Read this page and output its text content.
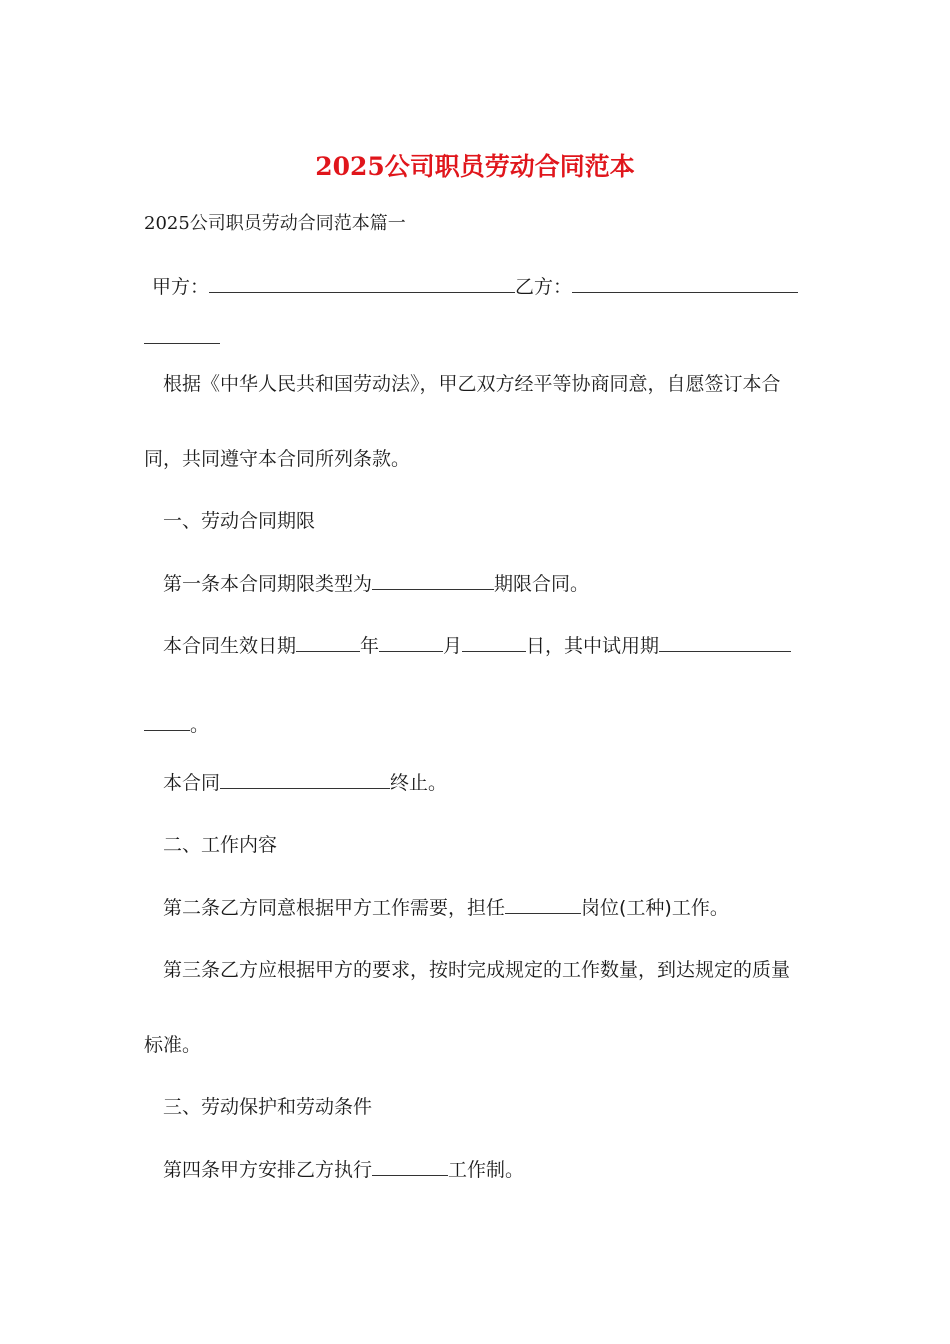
2025公司职员劳动合同范本
2025公司职员劳动合同范本篇一
甲方：	乙方：
根据《中华人民共和国劳动法》，甲乙双方经平等协商同意，自愿签订本合
同，共同遵守本合同所列条款。
一、劳动合同期限
第一条本合同期限类型为	期限合同。
本合同生效日期	年	月	日，其中试用期
。
本合同	终止。
二、工作内容
第二条乙方同意根据甲方工作需要，担任	岗位(工种)工作。
第三条乙方应根据甲方的要求，按时完成规定的工作数量，到达规定的质量
标准。
三、劳动保护和劳动条件
第四条甲方安排乙方执行	工作制。
